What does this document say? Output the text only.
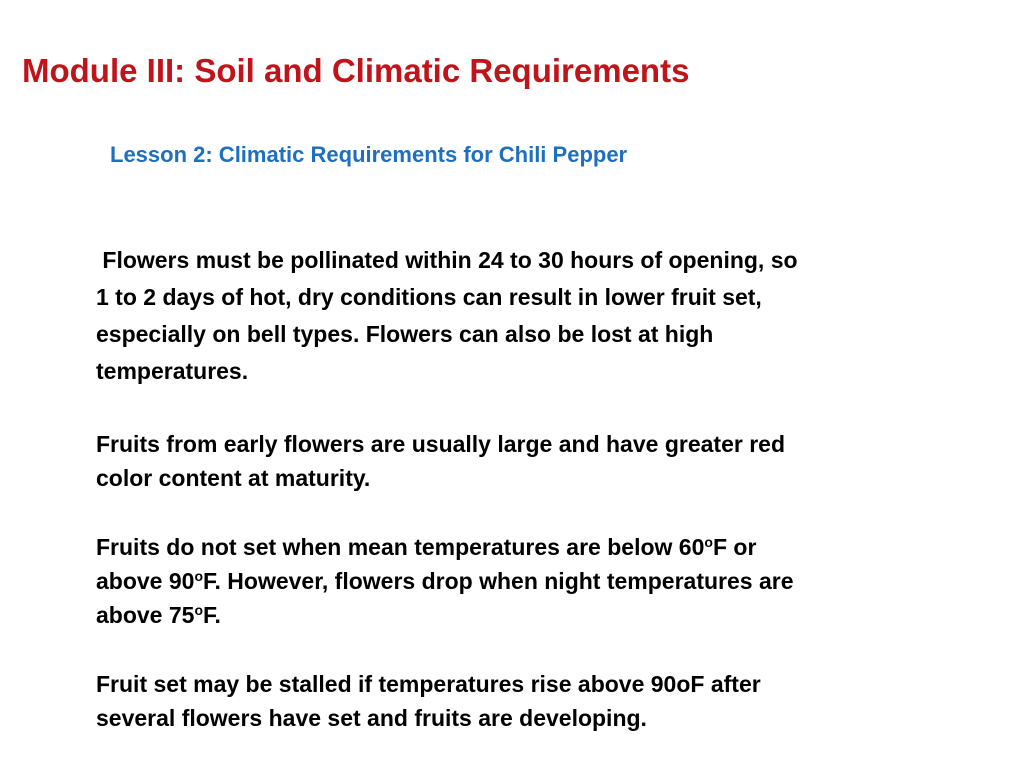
Module III: Soil and Climatic Requirements
Lesson 2: Climatic Requirements for Chili Pepper

Flowers must be pollinated within 24 to 30 hours of opening, so
1 to 2 days of hot, dry conditions can result in lower fruit set,
especially on bell types. Flowers can also be lost at high
temperatures.

Fruits from early flowers are usually large and have greater red
color content at maturity.

Fruits do not set when mean temperatures are below 60$^o$F or
above 90$^o$F. However, flowers drop when night temperatures are
above 75$^o$F.

Fruit set may be stalled if temperatures rise above 90oF after
several flowers have set and fruits are developing.
